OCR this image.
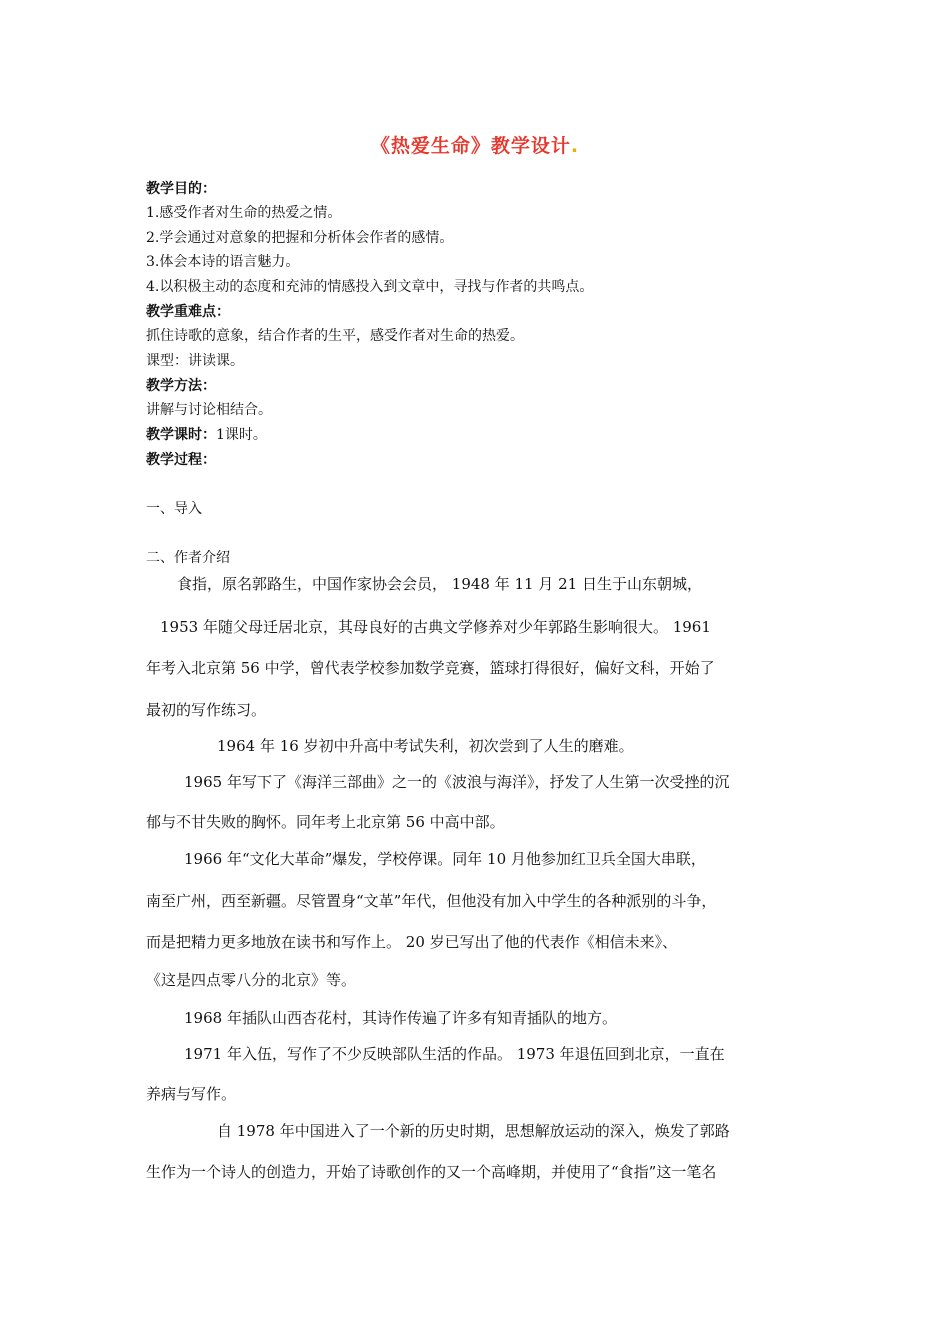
《热爱生命》教学设计.
教学目的：
1.感受作者对生命的热爱之情。
2.学会通过对意象的把握和分析体会作者的感情。
3.体会本诗的语言魅力。
4.以积极主动的态度和充沛的情感投入到文章中，寻找与作者的共鸣点。
教学重难点：
抓住诗歌的意象，结合作者的生平，感受作者对生命的热爱。
课型：讲读课。
教学方法：
讲解与讨论相结合。
教学课时：1课时。
教学过程：
一、导入
二、作者介绍
食指，原名郭路生，中国作家协会会员， 1948 年 11 月 21 日生于山东朝城，
1953 年随父母迁居北京，其母良好的古典文学修养对少年郭路生影响很大。 1961
年考入北京第 56 中学，曾代表学校参加数学竞赛，篮球打得很好，偏好文科，开始了
最初的写作练习。
1964 年 16 岁初中升高中考试失利，初次尝到了人生的磨难。
1965 年写下了《海洋三部曲》之一的《波浪与海洋》，抒发了人生第一次受挫的沉
郁与不甘失败的胸怀。同年考上北京第 56 中高中部。
1966 年“文化大革命”爆发，学校停课。同年 10 月他参加红卫兵全国大串联，
南至广州，西至新疆。尽管置身“文革”年代，但他没有加入中学生的各种派别的斗争，
而是把精力更多地放在读书和写作上。 20 岁已写出了他的代表作《相信未来》、
《这是四点零八分的北京》等。
1968 年插队山西杏花村，其诗作传遍了许多有知青插队的地方。
1971 年入伍，写作了不少反映部队生活的作品。 1973 年退伍回到北京，一直在
养病与写作。
自 1978 年中国进入了一个新的历史时期，思想解放运动的深入，焕发了郭路
生作为一个诗人的创造力，开始了诗歌创作的又一个高峰期，并使用了“食指”这一笔名
